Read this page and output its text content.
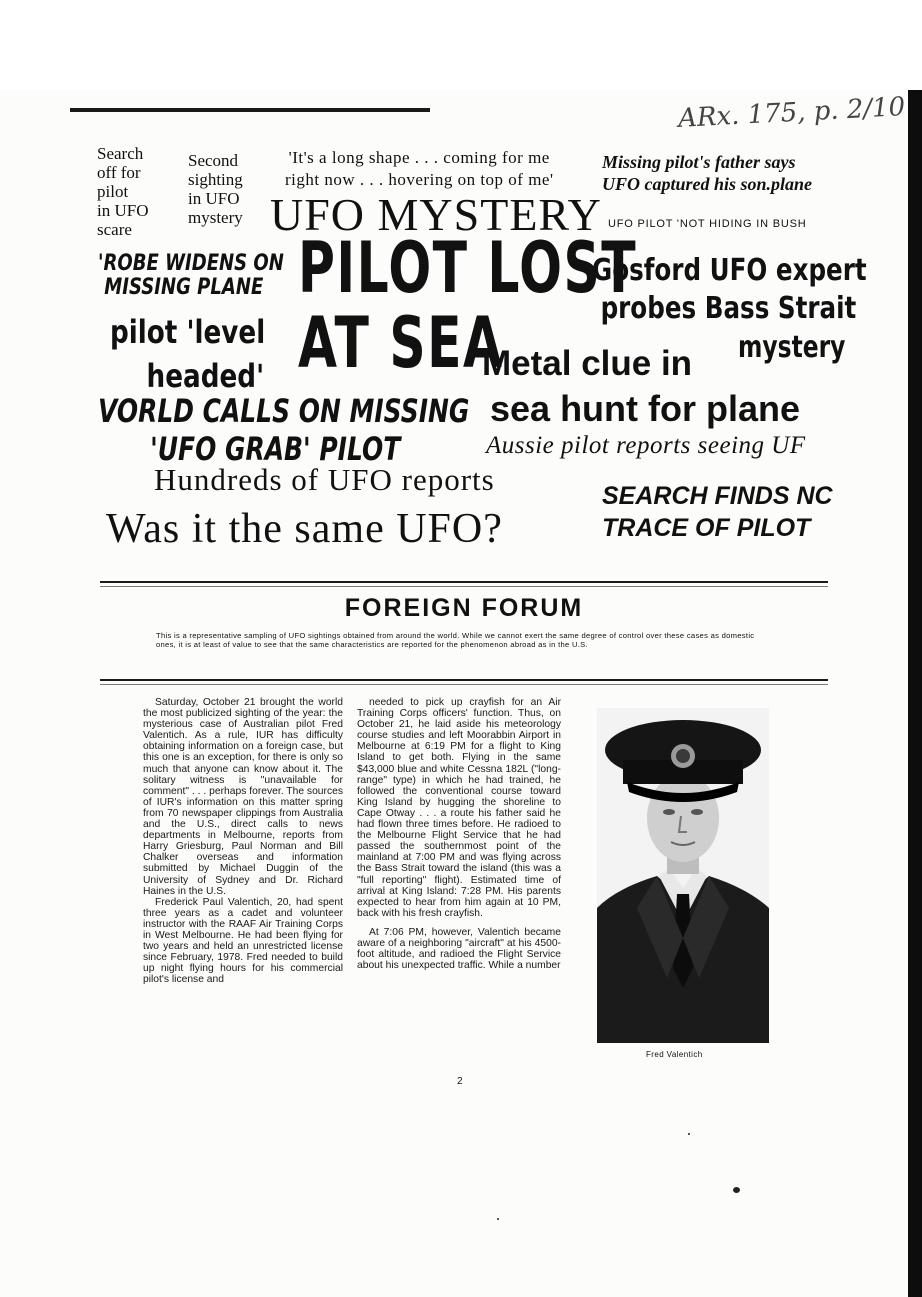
ARx. 175, p. 2/10
Search
off for
pilot
in UFO
scare
Second
sighting
in UFO
mystery
'It's a long shape . . . coming for me
right now . . . hovering on top of me'
UFO MYSTERY
Missing pilot's father says
UFO captured his son.plane
UFO PILOT 'NOT HIDING IN BUSH
'ROBE WIDENS ON
MISSING PLANE PILOT LOST
AT SEA
Gosford UFO expert
probes Bass Strait
mystery
pilot 'level
headed'	Metal clue in
VORLD CALLS ON MISSING
'UFO GRAB' PILOT
sea hunt for plane
Aussie pilot reports seeing UF
Hundreds of UFO reports	SEARCH FINDS NC
TRACE OF PILOT
Was it the same UFO?
FOREIGN FORUM
This is a representative sampling of UFO sightings obtained from around the world. While we cannot exert the same degree of control over these cases as domestic ones, it is at least of value to see that the same characteristics are reported for the phenomenon abroad as in the U.S.

Saturday, October 21 brought the world the most publicized sighting of the year: the mysterious case of Australian pilot Fred Valentich. As a rule, IUR has difficulty obtaining information on a foreign case, but this one is an exception, for there is only so much that anyone can know about it. The solitary witness is "unavailable for comment" . . . perhaps forever. The sources of IUR's information on this matter spring from 70 newspaper clippings from Australia and the U.S., direct calls to news departments in Melbourne, reports from Harry Griesburg, Paul Norman and Bill Chalker overseas and information submitted by Michael Duggin of the University of Sydney and Dr. Richard Haines in the U.S.

Frederick Paul Valentich, 20, had spent three years as a cadet and volunteer instructor with the RAAF Air Training Corps in West Melbourne. He had been flying for two years and held an unrestricted license since February, 1978. Fred needed to build up night flying hours for his commercial pilot's license and

needed to pick up crayfish for an Air Training Corps officers' function. Thus, on October 21, he laid aside his meteorology course studies and left Moorabbin Airport in Melbourne at 6:19 PM for a flight to King Island to get both. Flying in the same $43,000 blue and white Cessna 182L ("long-range" type) in which he had trained, he followed the conventional course toward King Island by hugging the shoreline to Cape Otway . . . a route his father said he had flown three times before. He radioed to the Melbourne Flight Service that he had passed the southernmost point of the mainland at 7:00 PM and was flying across the Bass Strait toward the island (this was a "full reporting" flight). Estimated time of arrival at King Island: 7:28 PM. His parents expected to hear from him again at 10 PM, back with his fresh crayfish.

At 7:06 PM, however, Valentich became aware of a neighboring "aircraft" at his 4500-foot altitude, and radioed the Flight Service about his unexpected traffic. While a number

Fred Valentich
2
